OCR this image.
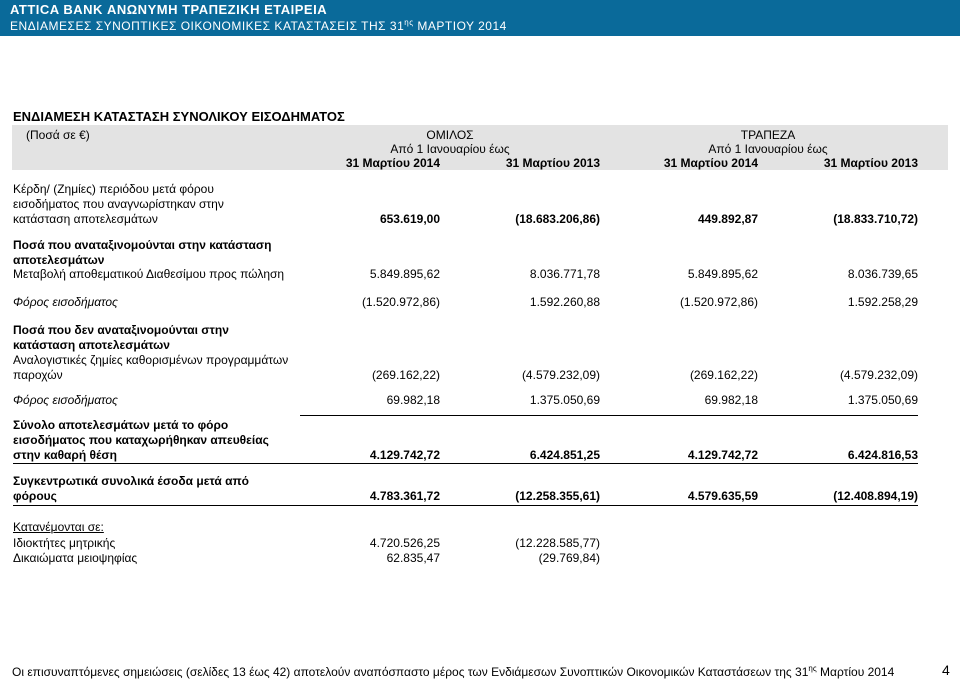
ATTICA BANK ΑΝΩΝΥΜΗ ΤΡΑΠΕΖΙΚΗ ΕΤΑΙΡΕΙΑ
ΕΝΔΙΑΜΕΣΕΣ ΣΥΝΟΠΤΙΚΕΣ ΟΙΚΟΝΟΜΙΚΕΣ ΚΑΤΑΣΤΑΣΕΙΣ ΤΗΣ $31^{\eta\varsigma}$ ΜΑΡΤΙΟΥ 2014
ΕΝΔΙΑΜΕΣΗ ΚΑΤΑΣΤΑΣΗ ΣΥΝΟΛΙΚΟΥ ΕΙΣΟΔΗΜΑΤΟΣ
(Ποσά σε €)	ΟΜΙΛΟΣ	ΤΡΑΠΕΖΑ
Από 1 Ιανουαρίου έως	Από 1 Ιανουαρίου έως
31 Μαρτίου 2014	31 Μαρτίου 2013	31 Μαρτίου 2014	31 Μαρτίου 2013
Κέρδη/ (Ζημίες) περιόδου μετά φόρου
εισοδήματος που αναγνωρίστηκαν στην
κατάσταση αποτελεσμάτων	653.619,00	(18.683.206,86)	449.892,87	(18.833.710,72)
Ποσά που αναταξινομούνται στην κατάσταση
αποτελεσμάτων
Μεταβολή αποθεματικού Διαθεσίμου προς πώληση	5.849.895,62	8.036.771,78	5.849.895,62	8.036.739,65
Φόρος εισοδήματος	(1.520.972,86)	1.592.260,88	(1.520.972,86)	1.592.258,29
Ποσά που δεν αναταξινομούνται στην
κατάσταση αποτελεσμάτων
Αναλογιστικές ζημίες καθορισμένων προγραμμάτων
παροχών	(269.162,22)	(4.579.232,09)	(269.162,22)	(4.579.232,09)
Φόρος εισοδήματος	69.982,18	1.375.050,69	69.982,18	1.375.050,69
Σύνολο αποτελεσμάτων μετά το φόρο
εισοδήματος που καταχωρήθηκαν απευθείας
στην καθαρή θέση	4.129.742,72	6.424.851,25	4.129.742,72	6.424.816,53
Συγκεντρωτικά συνολικά έσοδα μετά από
φόρους	4.783.361,72	(12.258.355,61)	4.579.635,59	(12.408.894,19)
Κατανέμονται σε:
Ιδιοκτήτες μητρικής	4.720.526,25	(12.228.585,77)
Δικαιώματα μειοψηφίας	62.835,47	(29.769,84)
Οι επισυναπτόμενες σημειώσεις (σελίδες 13 έως 42) αποτελούν αναπόσπαστο μέρος των Ενδιάμεσων Συνοπτικών Οικονομικών Καταστάσεων της $31^{\eta\varsigma}$ Μαρτίου 2014	4
